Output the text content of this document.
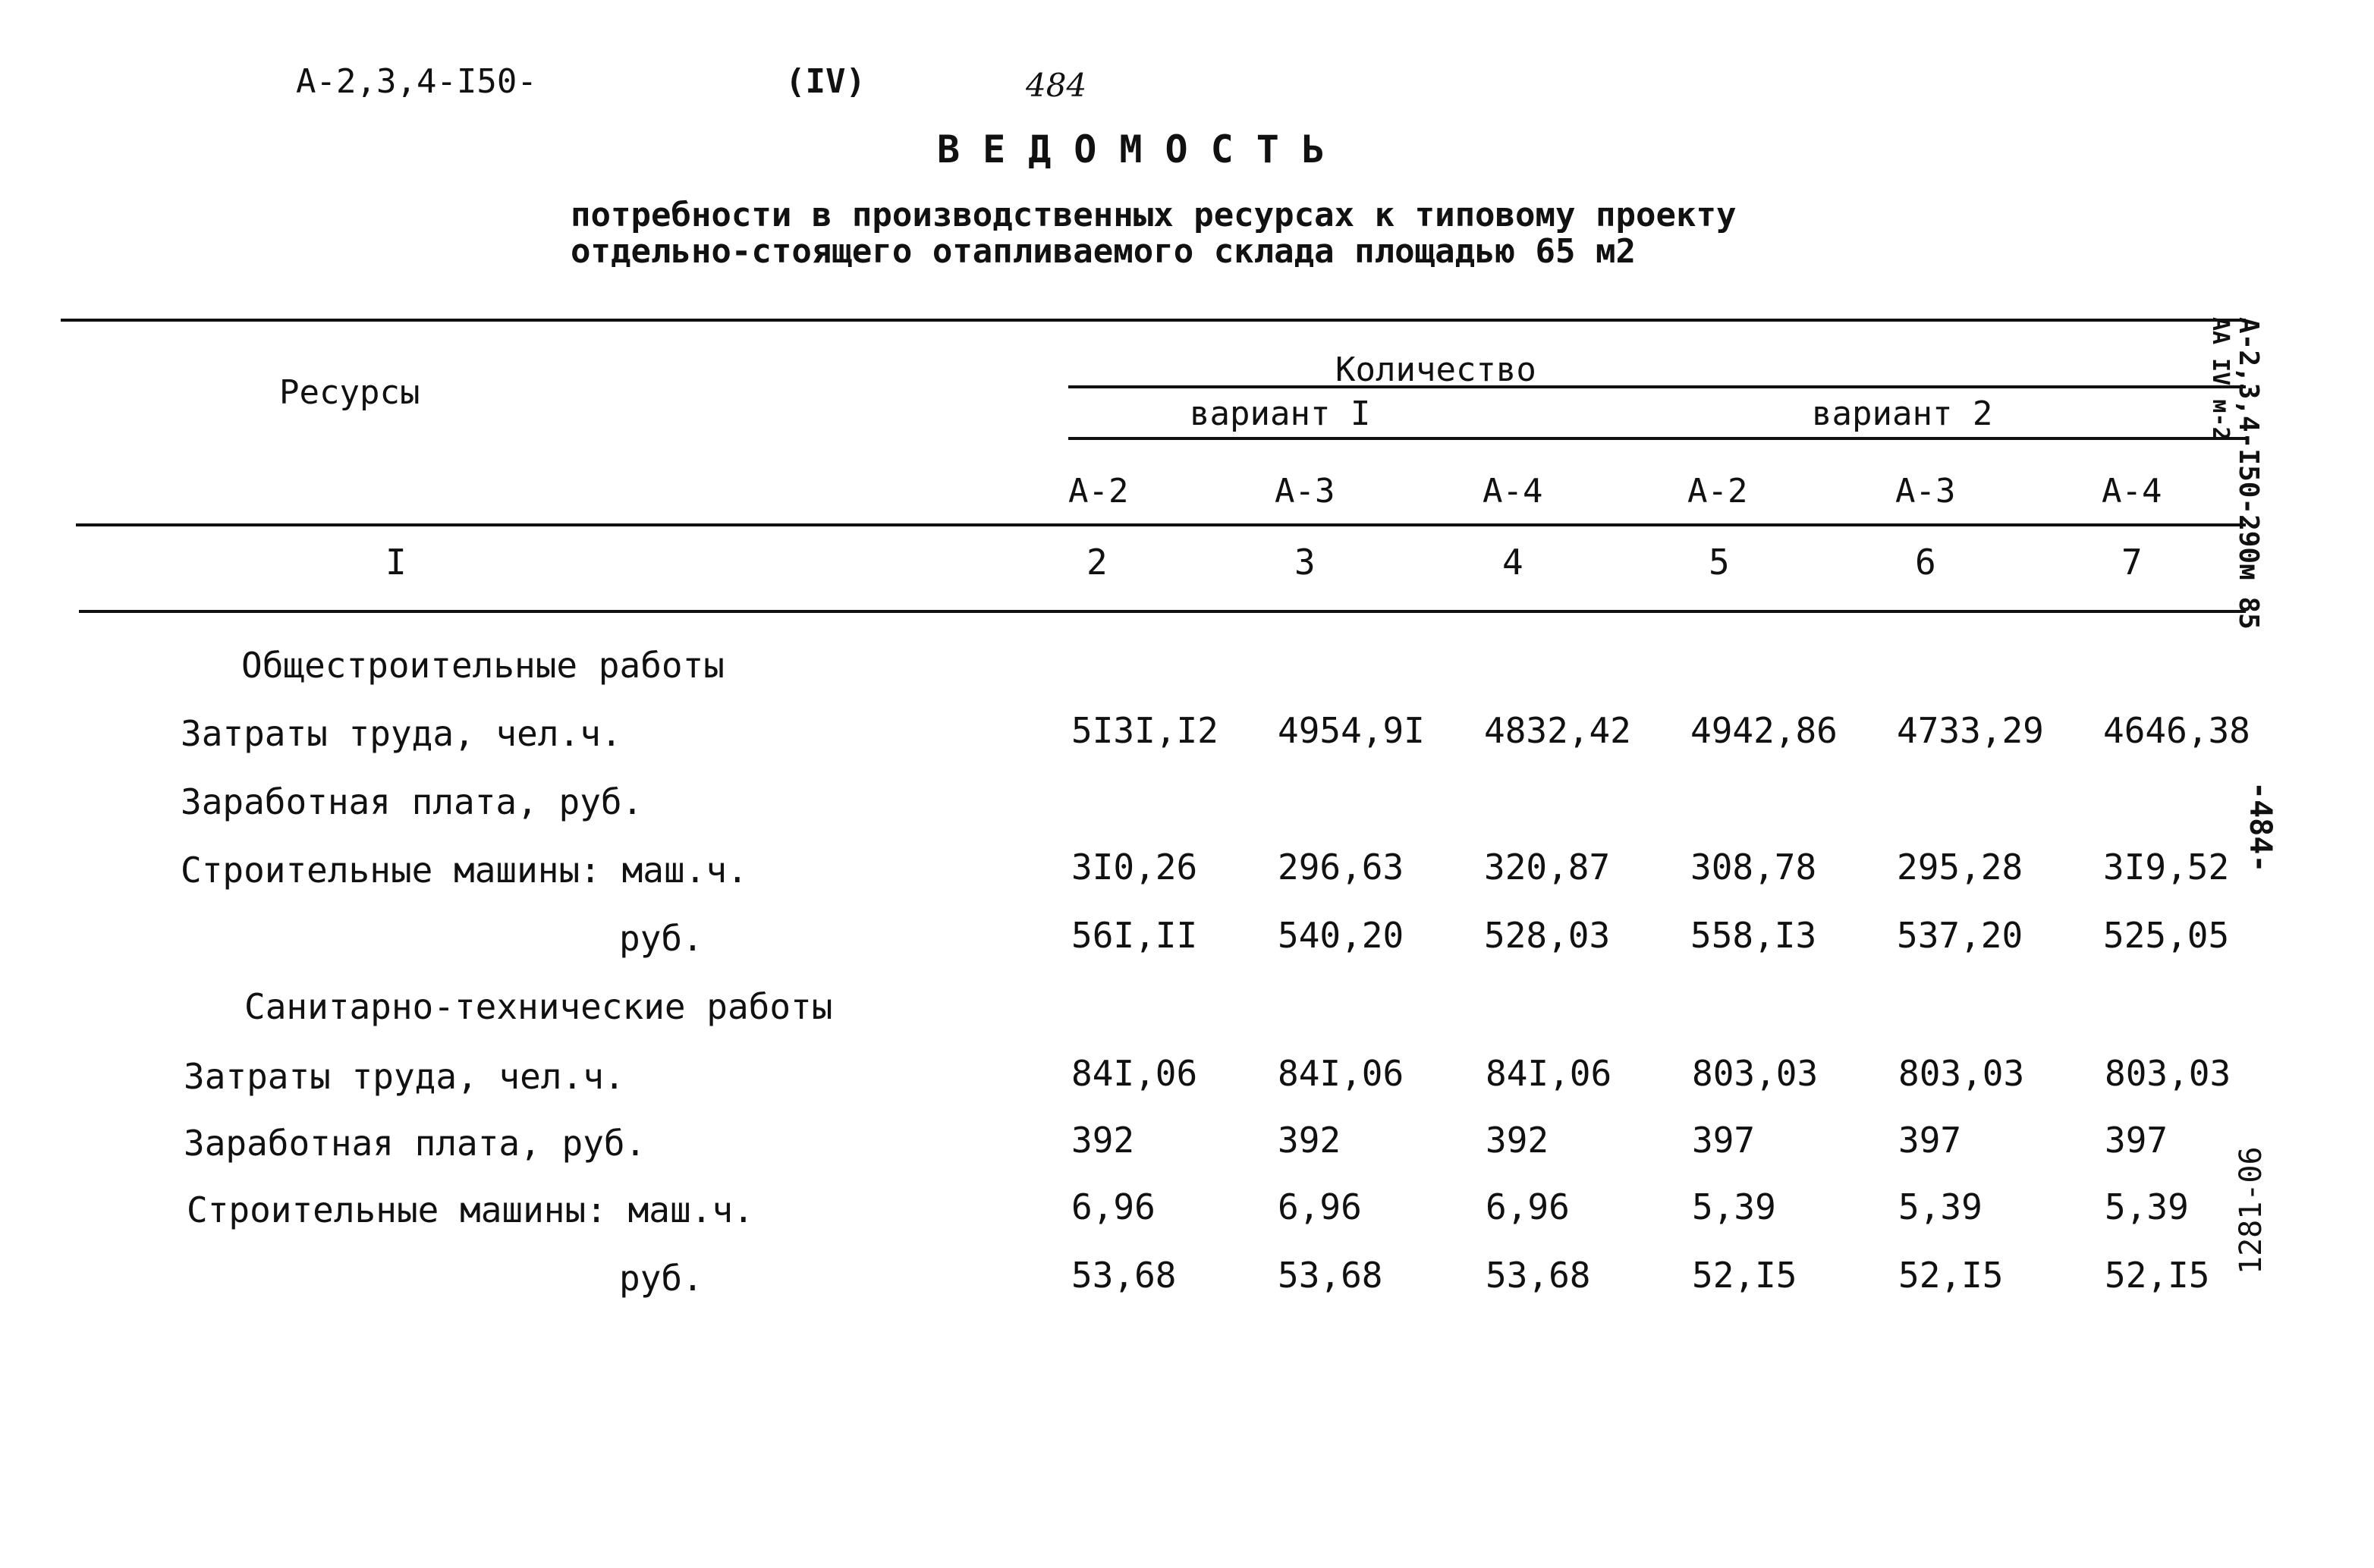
А-2,3,4-I50-	(IV)	484
ВЕДОМОСТЬ
потребности в производственных ресурсах к типовому проекту
отдельно-стоящего отапливаемого склада площадью 65 м2
Ресурсы
Количество
вариант I	вариант 2
А-2	А-3	А-4	А-2	А-3	А-4
I	2	3	4	5	6	7
Общестроительные работы
Затраты труда, чел.ч.	5I3I,I2 4954,9I 4832,42 4942,86 4733,29 4646,38
Заработная плата, руб.
Строительные машины: маш.ч.	3I0,26 296,63 320,87 308,78 295,28 3I9,52
руб.	56I,II 540,20 528,03 558,I3 537,20 525,05
Санитарно-технические работы
Затраты труда, чел.ч.	84I,06 84I,06 84I,06 803,03 803,03 803,03
Заработная плата, руб.	392	392	392	397	397	397
Строительные машины: маш.ч.	6,96	6,96	6,96	5,39	5,39	5,39
руб.	53,68	53,68	53,68	52,I5	52,I5	52,I5
А-2,3,4-I50-290м 85
АА IV м-2
-484-
1281-06
